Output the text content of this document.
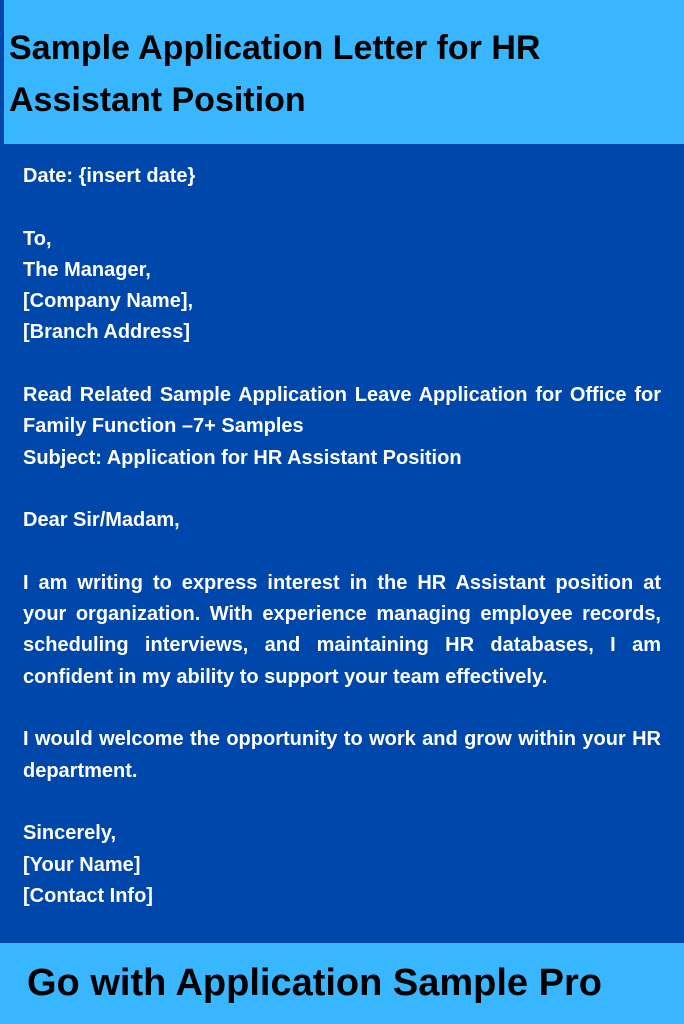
Sample Application Letter for HR Assistant Position

Date: {insert date}

To,

The Manager,

[Company Name],

[Branch Address]

Read Related Sample Application Leave Application for Office for Family Function –7+ Samples

Subject: Application for HR Assistant Position

Dear Sir/Madam,

I am writing to express interest in the HR Assistant position at your organization. With experience managing employee records, scheduling interviews, and maintaining HR databases, I am confident in my ability to support your team effectively.

I would welcome the opportunity to work and grow within your HR department.

Sincerely,

[Your Name]

[Contact Info]

Go with Application Sample Pro
